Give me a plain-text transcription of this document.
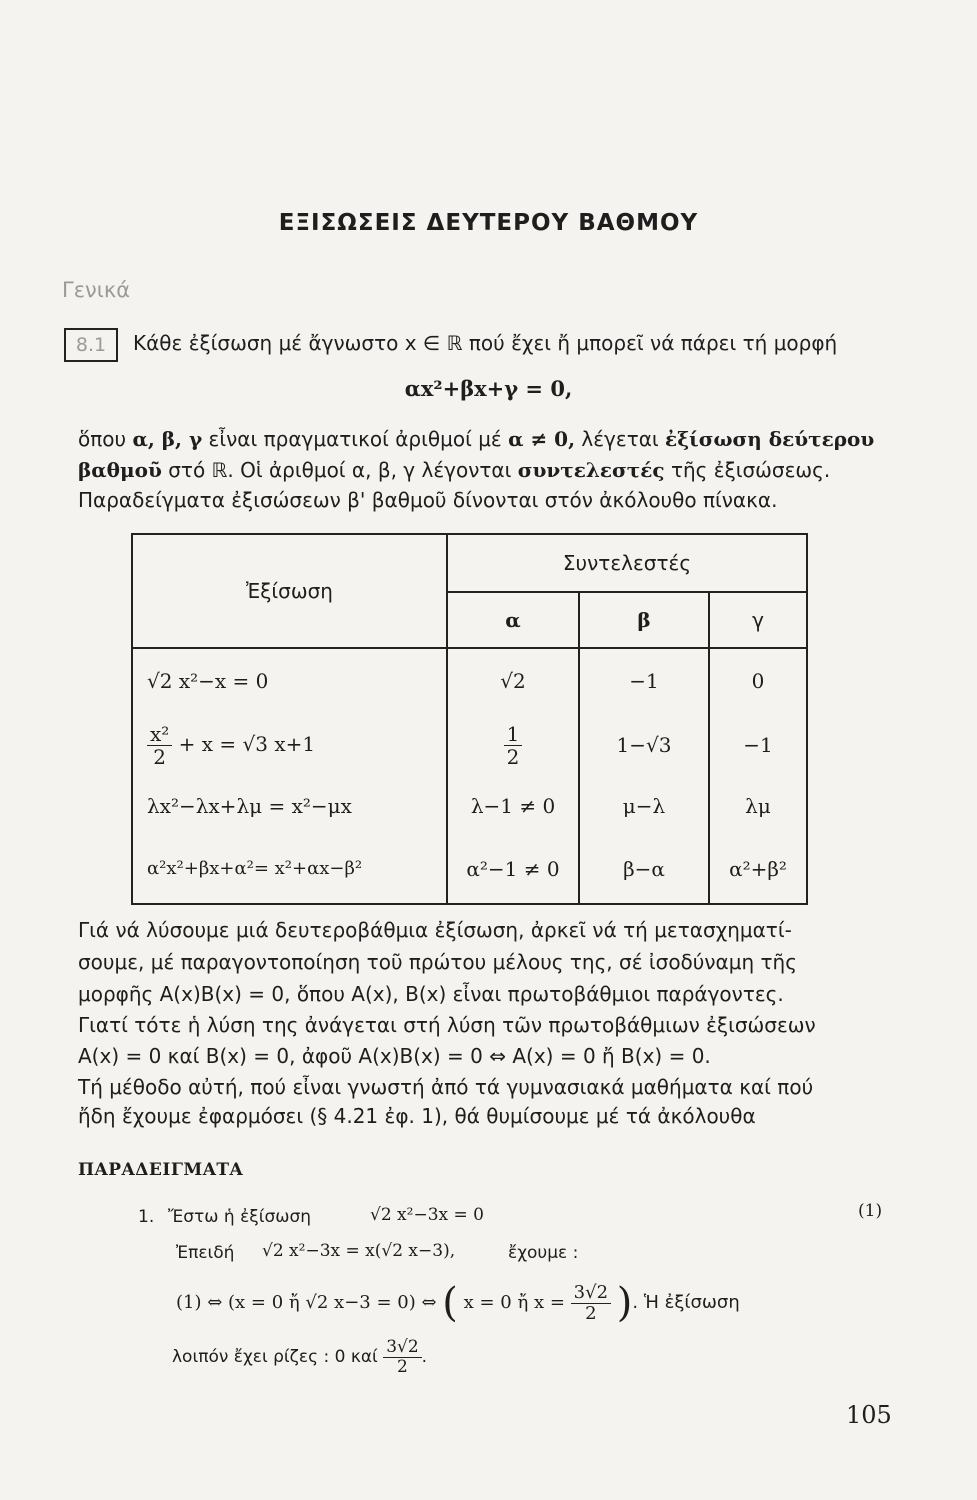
ΕΞΙΣΩΣΕΙΣ ΔΕΥΤΕΡΟΥ ΒΑΘΜΟΥ
Γενικά
8.1	Κάθε ἐξίσωση μέ ἄγνωστο x ∈ ℝ πού ἔχει ἤ μπορεῖ νά πάρει τή μορφή
αx²+βx+γ = 0,
ὅπου α, β, γ εἶναι πραγματικοί ἀριθμοί μέ α ≠ 0, λέγεται ἐξίσωση δεύτερου
βαθμοῦ στό ℝ. Οἱ ἀριθμοί α, β, γ λέγονται συντελεστές τῆς ἐξισώσεως.
Παραδείγματα ἐξισώσεων β' βαθμοῦ δίνονται στόν ἀκόλουθο πίνακα.
Ἐξίσωση	Συντελεστές		
	α	β	γ
√2 x²−x = 0	√2	−1	0

$\frac{\text{x²}}{2} + x = √3$ x+1	$\frac{1}{2}$	1−√3	−1
λx²−λx+λμ = x²−μx	λ−1 ≠ 0	μ−λ	λμ
α²x²+βx+α²= x²+αx−β²	α²−1 ≠ 0	β−α	α²+β²
Γιά νά λύσουμε μιά δευτεροβάθμια ἐξίσωση, ἀρκεῖ νά τή μετασχηματί-
σουμε, μέ παραγοντοποίηση τοῦ πρώτου μέλους της, σέ ἰσοδύναμη τῆς
μορφῆς A(x)B(x) = 0, ὅπου A(x), B(x) εἶναι πρωτοβάθμιοι παράγοντες.
Γιατί τότε ἡ λύση της ἀνάγεται στή λύση τῶν πρωτοβάθμιων ἐξισώσεων
A(x) = 0 καί B(x) = 0, ἀφοῦ A(x)B(x) = 0 ⇔ A(x) = 0 ἤ B(x) = 0.
Τή μέθοδο αὐτή, πού εἶναι γνωστή ἀπό τά γυμνασιακά μαθήματα καί πού
ἤδη ἔχουμε ἐφαρμόσει (§ 4.21 ἐφ. 1), θά θυμίσουμε μέ τά ἀκόλουθα
ΠΑΡΑΔΕΙΓΜΑΤΑ
1. Ἔστω ἡ ἐξίσωση	√2 x²−3x = 0	(1)
Ἐπειδή √2 x²−3x = x(√2 x−3),	ἔχουμε :
(1) ⇔ (x = 0 ἤ √2 x−3 = 0) ⇔ ( x = 0 ἤ $x = \frac{3√2}{2}$ ). Ἡ ἐξίσωση
λοιπόν ἔχει ρίζες : 0 καί $\frac{3√2}{2}$ .
105
